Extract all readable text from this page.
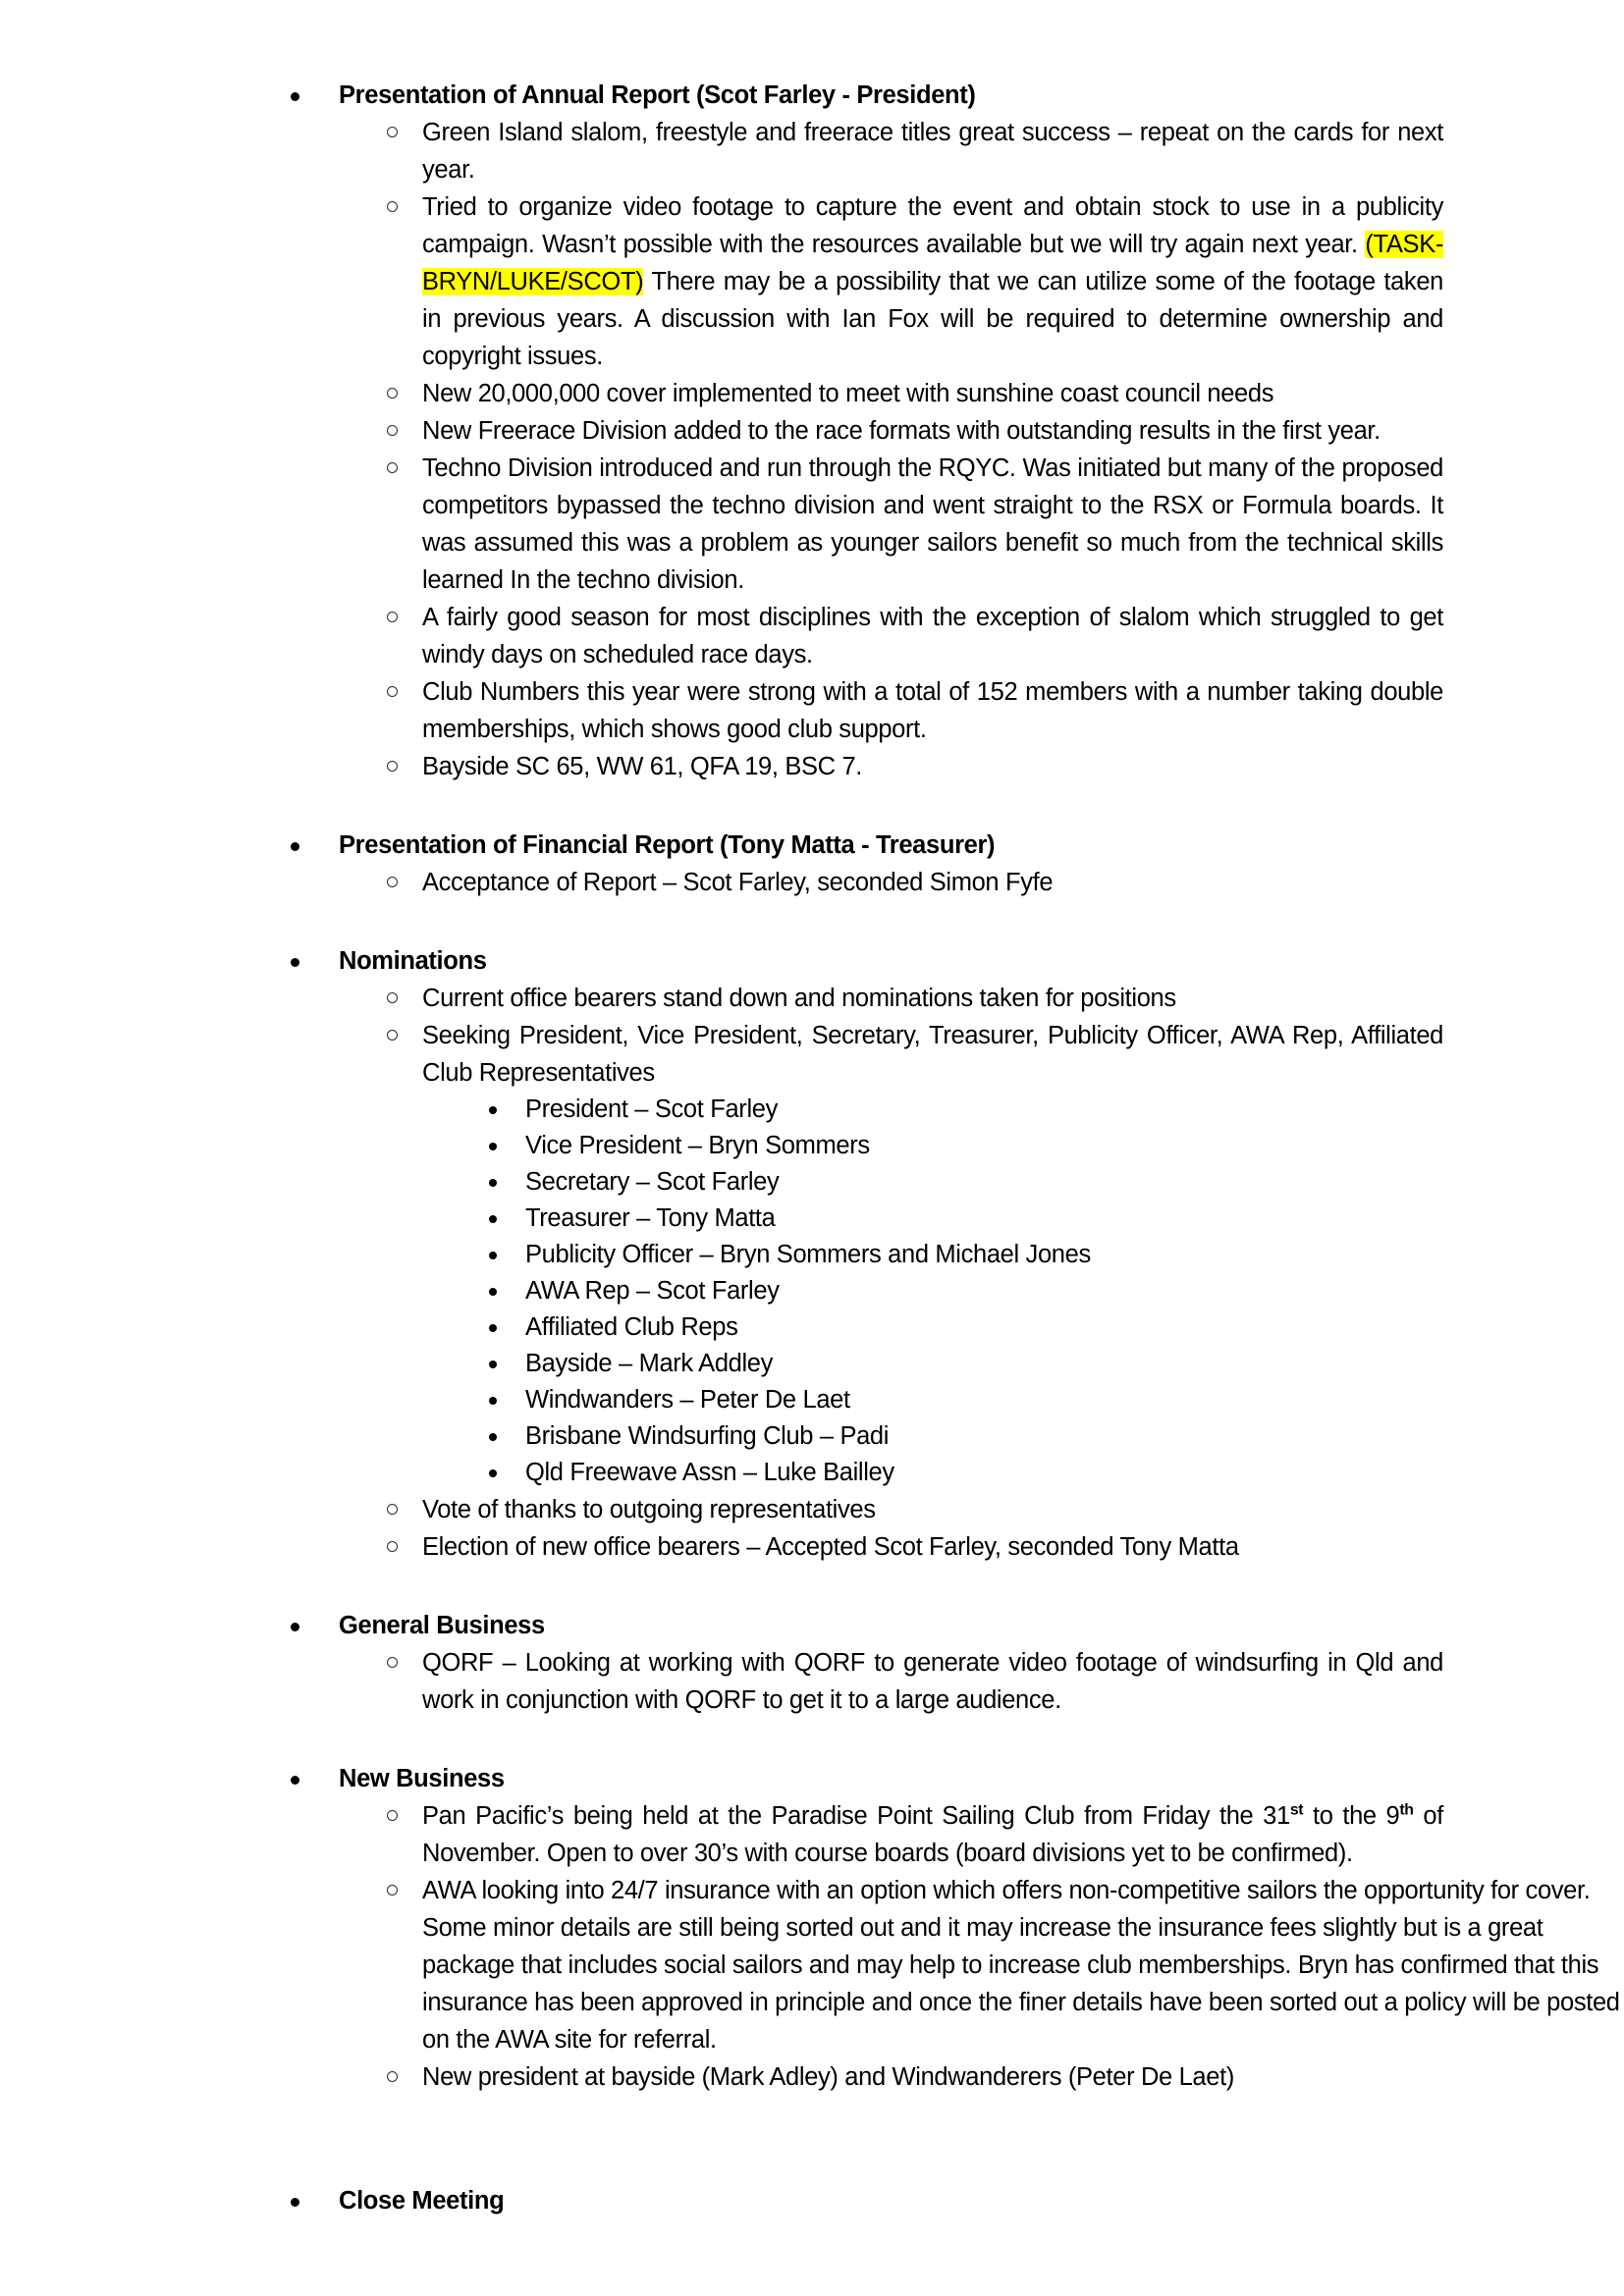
Presentation of Annual Report (Scot Farley - President)
Green Island slalom, freestyle and freerace titles great success – repeat on the cards for next year.
Tried to organize video footage to capture the event and obtain stock to use in a publicity campaign. Wasn’t possible with the resources available but we will try again next year. (TASK-BRYN/LUKE/SCOT) There may be a possibility that we can utilize some of the footage taken in previous years. A discussion with Ian Fox will be required to determine ownership and copyright issues.
New 20,000,000 cover implemented to meet with sunshine coast council needs
New Freerace Division added to the race formats with outstanding results in the first year.
Techno Division introduced and run through the RQYC. Was initiated but many of the proposed competitors bypassed the techno division and went straight to the RSX or Formula boards. It was assumed this was a problem as younger sailors benefit so much from the technical skills learned In the techno division.
A fairly good season for most disciplines with the exception of slalom which struggled to get windy days on scheduled race days.
Club Numbers this year were strong with a total of 152 members with a number taking double memberships, which shows good club support.
Bayside SC 65, WW 61, QFA 19, BSC 7.
Presentation of Financial Report (Tony Matta - Treasurer)
Acceptance of Report – Scot Farley, seconded Simon Fyfe
Nominations
Current office bearers stand down and nominations taken for positions
Seeking President, Vice President, Secretary, Treasurer, Publicity Officer, AWA Rep, Affiliated Club Representatives
President – Scot Farley
Vice President – Bryn Sommers
Secretary – Scot Farley
Treasurer – Tony Matta
Publicity Officer – Bryn Sommers and Michael Jones
AWA Rep – Scot Farley
Affiliated Club Reps
Bayside – Mark Addley
Windwanders – Peter De Laet
Brisbane Windsurfing Club – Padi
Qld Freewave Assn – Luke Bailley
Vote of thanks to outgoing representatives
Election of new office bearers – Accepted Scot Farley, seconded Tony Matta
General Business
QORF – Looking at working with QORF to generate video footage of windsurfing in Qld and work in conjunction with QORF to get it to a large audience.
New Business
Pan Pacific’s being held at the Paradise Point Sailing Club from Friday the 31st to the 9th of November. Open to over 30’s with course boards (board divisions yet to be confirmed).
AWA looking into 24/7 insurance with an option which offers non-competitive sailors the opportunity for cover. Some minor details are still being sorted out and it may increase the insurance fees slightly but is a great package that includes social sailors and may help to increase club memberships. Bryn has confirmed that this insurance has been approved in principle and once the finer details have been sorted out a policy will be posted on the AWA site for referral.
New president at bayside (Mark Adley) and Windwanderers (Peter De Laet)
Close Meeting
